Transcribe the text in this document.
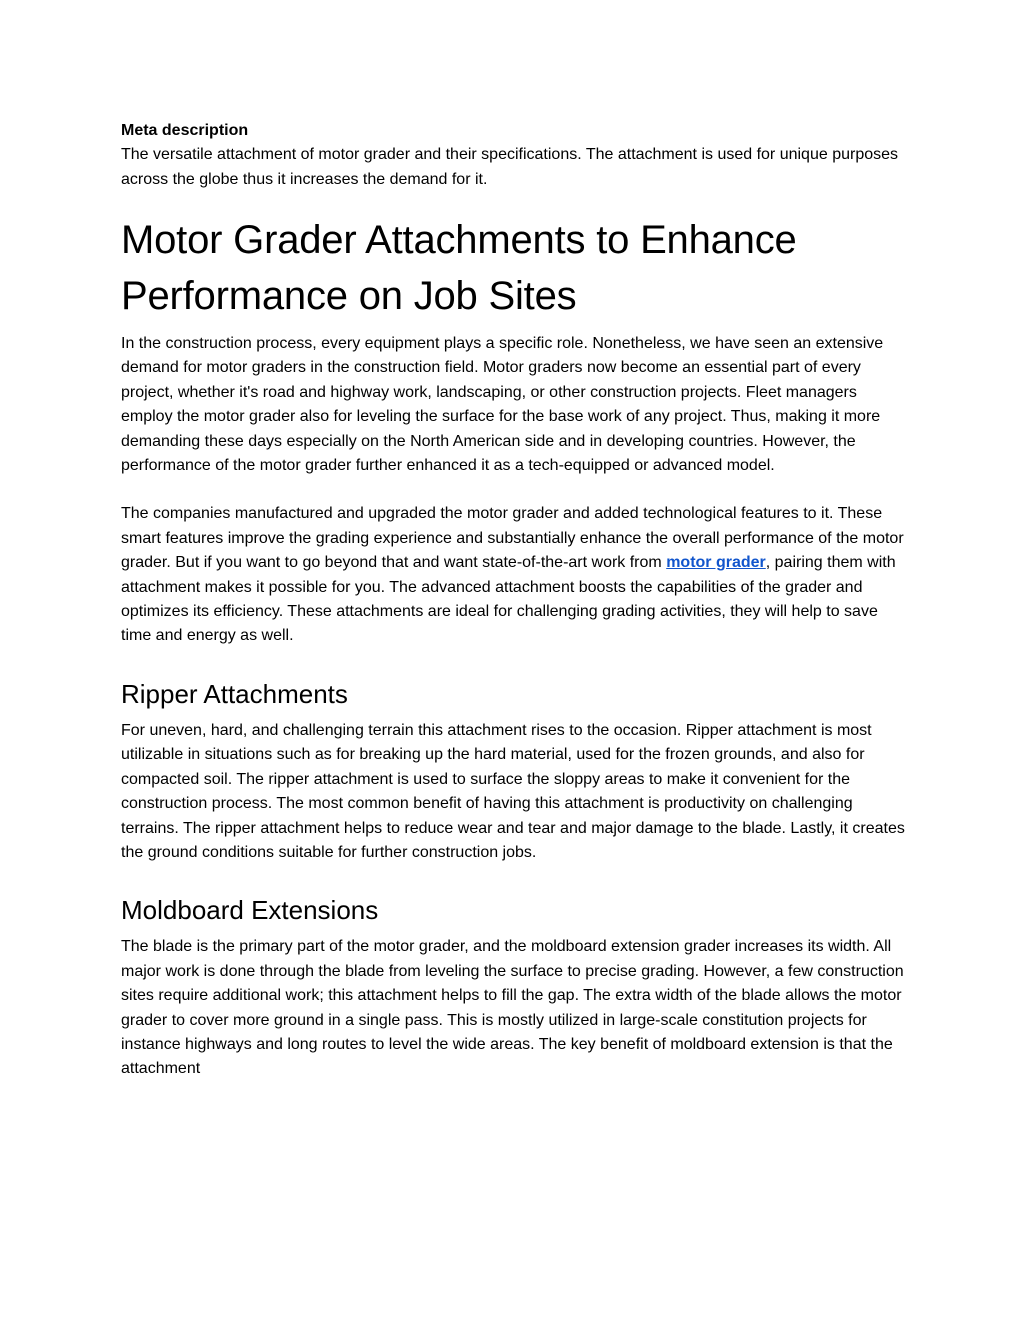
Meta description

The versatile attachment of motor grader and their specifications. The attachment is used for unique purposes across the globe thus it increases the demand for it.

Motor Grader Attachments to Enhance Performance on Job Sites

In the construction process, every equipment plays a specific role. Nonetheless, we have seen an extensive demand for motor graders in the construction field. Motor graders now become an essential part of every project, whether it's road and highway work, landscaping, or other construction projects. Fleet managers employ the motor grader also for leveling the surface for the base work of any project. Thus, making it more demanding these days especially on the North American side and in developing countries. However, the performance of the motor grader further enhanced it as a tech-equipped or advanced model.

The companies manufactured and upgraded the motor grader and added technological features to it. These smart features improve the grading experience and substantially enhance the overall performance of the motor grader. But if you want to go beyond that and want state-of-the-art work from motor grader, pairing them with attachment makes it possible for you. The advanced attachment boosts the capabilities of the grader and optimizes its efficiency. These attachments are ideal for challenging grading activities, they will help to save time and energy as well.

Ripper Attachments

For uneven, hard, and challenging terrain this attachment rises to the occasion. Ripper attachment is most utilizable in situations such as for breaking up the hard material, used for the frozen grounds, and also for compacted soil. The ripper attachment is used to surface the sloppy areas to make it convenient for the construction process. The most common benefit of having this attachment is productivity on challenging terrains. The ripper attachment helps to reduce wear and tear and major damage to the blade. Lastly, it creates the ground conditions suitable for further construction jobs.

Moldboard Extensions

The blade is the primary part of the motor grader, and the moldboard extension grader increases its width. All major work is done through the blade from leveling the surface to precise grading. However, a few construction sites require additional work; this attachment helps to fill the gap. The extra width of the blade allows the motor grader to cover more ground in a single pass. This is mostly utilized in large-scale constitution projects for instance highways and long routes to level the wide areas. The key benefit of moldboard extension is that the attachment
